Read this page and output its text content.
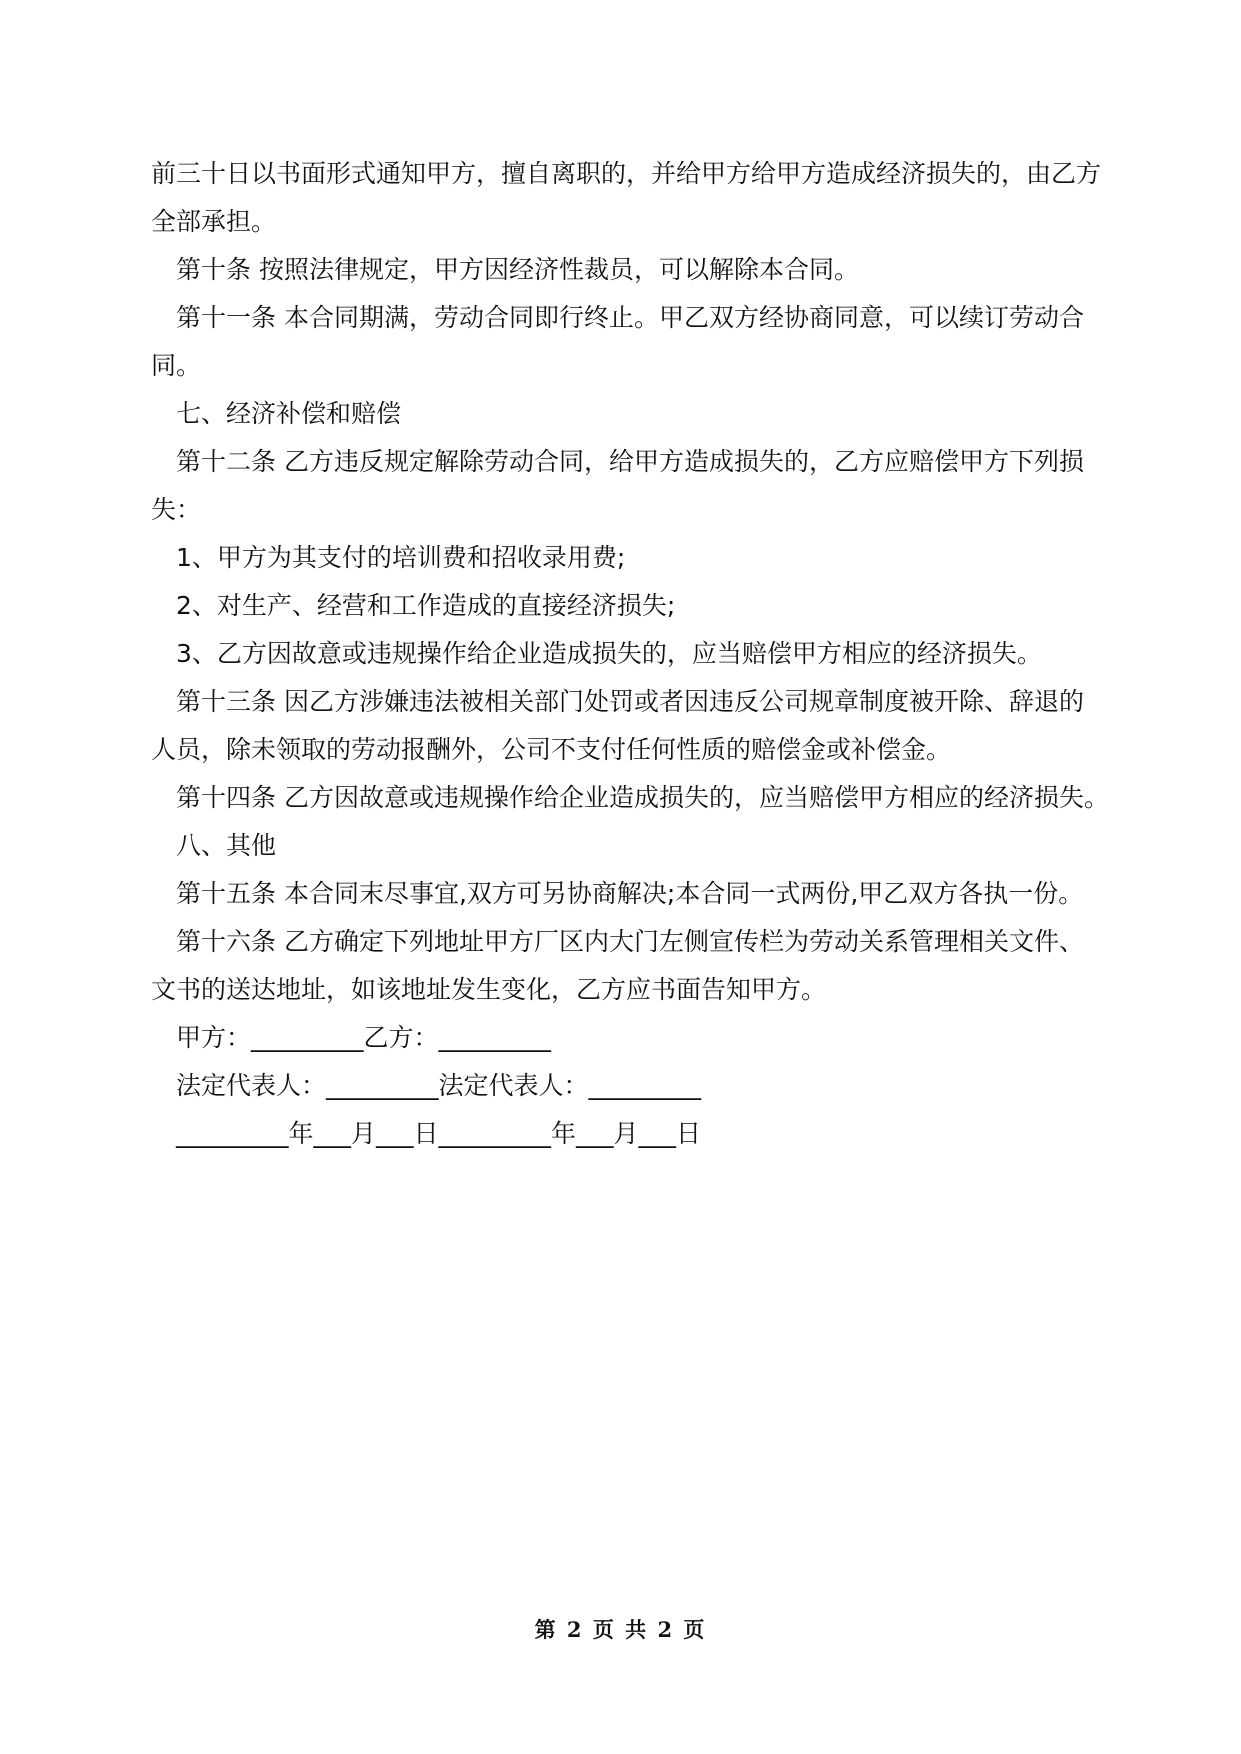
前三十日以书面形式通知甲方，擅自离职的，并给甲方给甲方造成经济损失的，由乙方全部承担。

第十条 按照法律规定，甲方因经济性裁员，可以解除本合同。

第十一条 本合同期满，劳动合同即行终止。甲乙双方经协商同意，可以续订劳动合同。

七、经济补偿和赔偿

第十二条 乙方违反规定解除劳动合同，给甲方造成损失的，乙方应赔偿甲方下列损失：

1、甲方为其支付的培训费和招收录用费;

2、对生产、经营和工作造成的直接经济损失;

3、乙方因故意或违规操作给企业造成损失的，应当赔偿甲方相应的经济损失。

第十三条 因乙方涉嫌违法被相关部门处罚或者因违反公司规章制度被开除、辞退的人员，除未领取的劳动报酬外，公司不支付任何性质的赔偿金或补偿金。

第十四条 乙方因故意或违规操作给企业造成损失的，应当赔偿甲方相应的经济损失。

八、其他

第十五条 本合同末尽事宜,双方可另协商解决;本合同一式两份,甲乙双方各执一份。

第十六条 乙方确定下列地址甲方厂区内大门左侧宣传栏为劳动关系管理相关文件、文书的送达地址，如该地址发生变化，乙方应书面告知甲方。

甲方：_________乙方：_________

法定代表人：_________法定代表人：_________

_________年___月___日_________年___月___日

第 2 页 共 2 页
